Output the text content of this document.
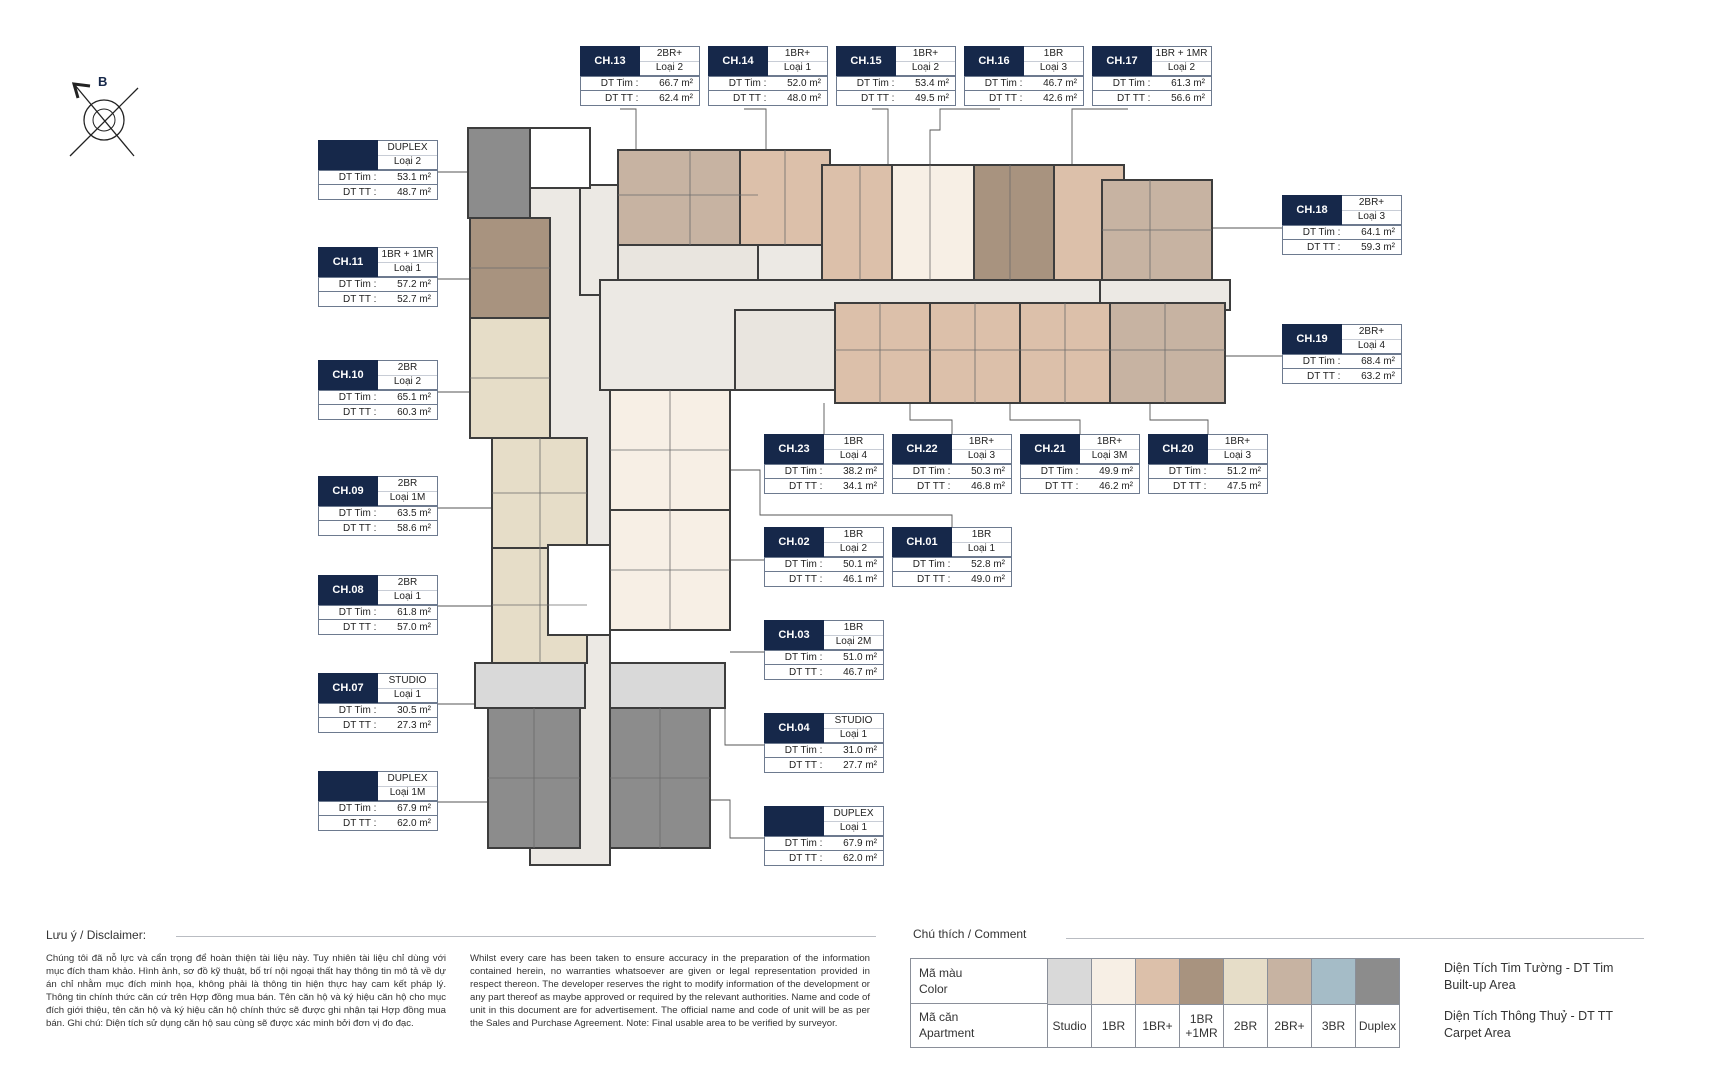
B
CH.13
2BR+
Loại 2
DT Tim :	66.7 m²
DT TT :	62.4 m²
CH.14
1BR+
Loại 1
DT Tim :	52.0 m²
DT TT :	48.0 m²
CH.15
1BR+
Loại 2
DT Tim :	53.4 m²
DT TT :	49.5 m²
CH.16
1BR
Loại 3
DT Tim :	46.7 m²
DT TT :	42.6 m²
CH.17
1BR + 1MR
Loại 2
DT Tim :	61.3 m²
DT TT :	56.6 m²
DUPLEX
Loại 2
DT Tim :	53.1 m²
DT TT :	48.7 m²
CH.11
1BR + 1MR
Loại 1
DT Tim :	57.2 m²
DT TT :	52.7 m²
CH.10
2BR
Loại 2
DT Tim :	65.1 m²
DT TT :	60.3 m²
CH.09
2BR
Loại 1M
DT Tim :	63.5 m²
DT TT :	58.6 m²
CH.08
2BR
Loại 1
DT Tim :	61.8 m²
DT TT :	57.0 m²
CH.07
STUDIO
Loại 1
DT Tim :	30.5 m²
DT TT :	27.3 m²
DUPLEX
Loại 1M
DT Tim :	67.9 m²
DT TT :	62.0 m²
CH.18
2BR+
Loại 3
DT Tim :	64.1 m²
DT TT :	59.3 m²
CH.19
2BR+
Loại 4
DT Tim :	68.4 m²
DT TT :	63.2 m²
CH.23
1BR
Loại 4
DT Tim :	38.2 m²
DT TT :	34.1 m²
CH.22
1BR+
Loại 3
DT Tim :	50.3 m²
DT TT :	46.8 m²
CH.21
1BR+
Loại 3M
DT Tim :	49.9 m²
DT TT :	46.2 m²
CH.20
1BR+
Loại 3
DT Tim :	51.2 m²
DT TT :	47.5 m²
CH.02
1BR
Loại 2
DT Tim :	50.1 m²
DT TT :	46.1 m²
CH.01
1BR
Loại 1
DT Tim :	52.8 m²
DT TT :	49.0 m²
CH.03
1BR
Loại 2M
DT Tim :	51.0 m²
DT TT :	46.7 m²
CH.04
STUDIO
Loại 1
DT Tim :	31.0 m²
DT TT :	27.7 m²
DUPLEX
Loại 1
DT Tim :	67.9 m²
DT TT :	62.0 m²
Lưu ý / Disclaimer:
Chúng tôi đã nỗ lực và cẩn trọng để hoàn thiện tài liệu này. Tuy nhiên tài liệu chỉ dùng với mục đích tham khảo. Hình ảnh, sơ đồ kỹ thuật, bố trí nội ngoại thất hay thông tin mô tả về dự án chỉ nhằm mục đích minh họa, không phải là thông tin hiện thực hay cam kết pháp lý. Thông tin chính thức căn cứ trên Hợp đồng mua bán. Tên căn hộ và ký hiệu căn hộ cho mục đích giới thiệu, tên căn hộ và ký hiệu căn hộ chính thức sẽ được ghi nhận tại Hợp đồng mua bán. Ghi chú: Diện tích sử dụng căn hộ sau cùng sẽ được xác minh bởi đơn vị đo đạc.
Whilst every care has been taken to ensure accuracy in the preparation of the information contained herein, no warranties whatsoever are given or legal representation provided in respect thereon. The developer reserves the right to modify information of the development or any part thereof as maybe approved or required by the relevant authorities. Name and code of unit in this document are for advertisement. The official name and code of unit will be as per the Sales and Purchase Agreement. Note: Final usable area to be verified by surveyor.
Chú thích / Comment
Mã màu
Color
Mã căn
Apartment
Studio	1BR	1BR+	1BR +1MR	2BR	2BR+	3BR	Duplex
Diện Tích Tim Tường - DT Tim
Built-up Area
Diện Tích Thông Thuỷ - DT TT
Carpet Area
